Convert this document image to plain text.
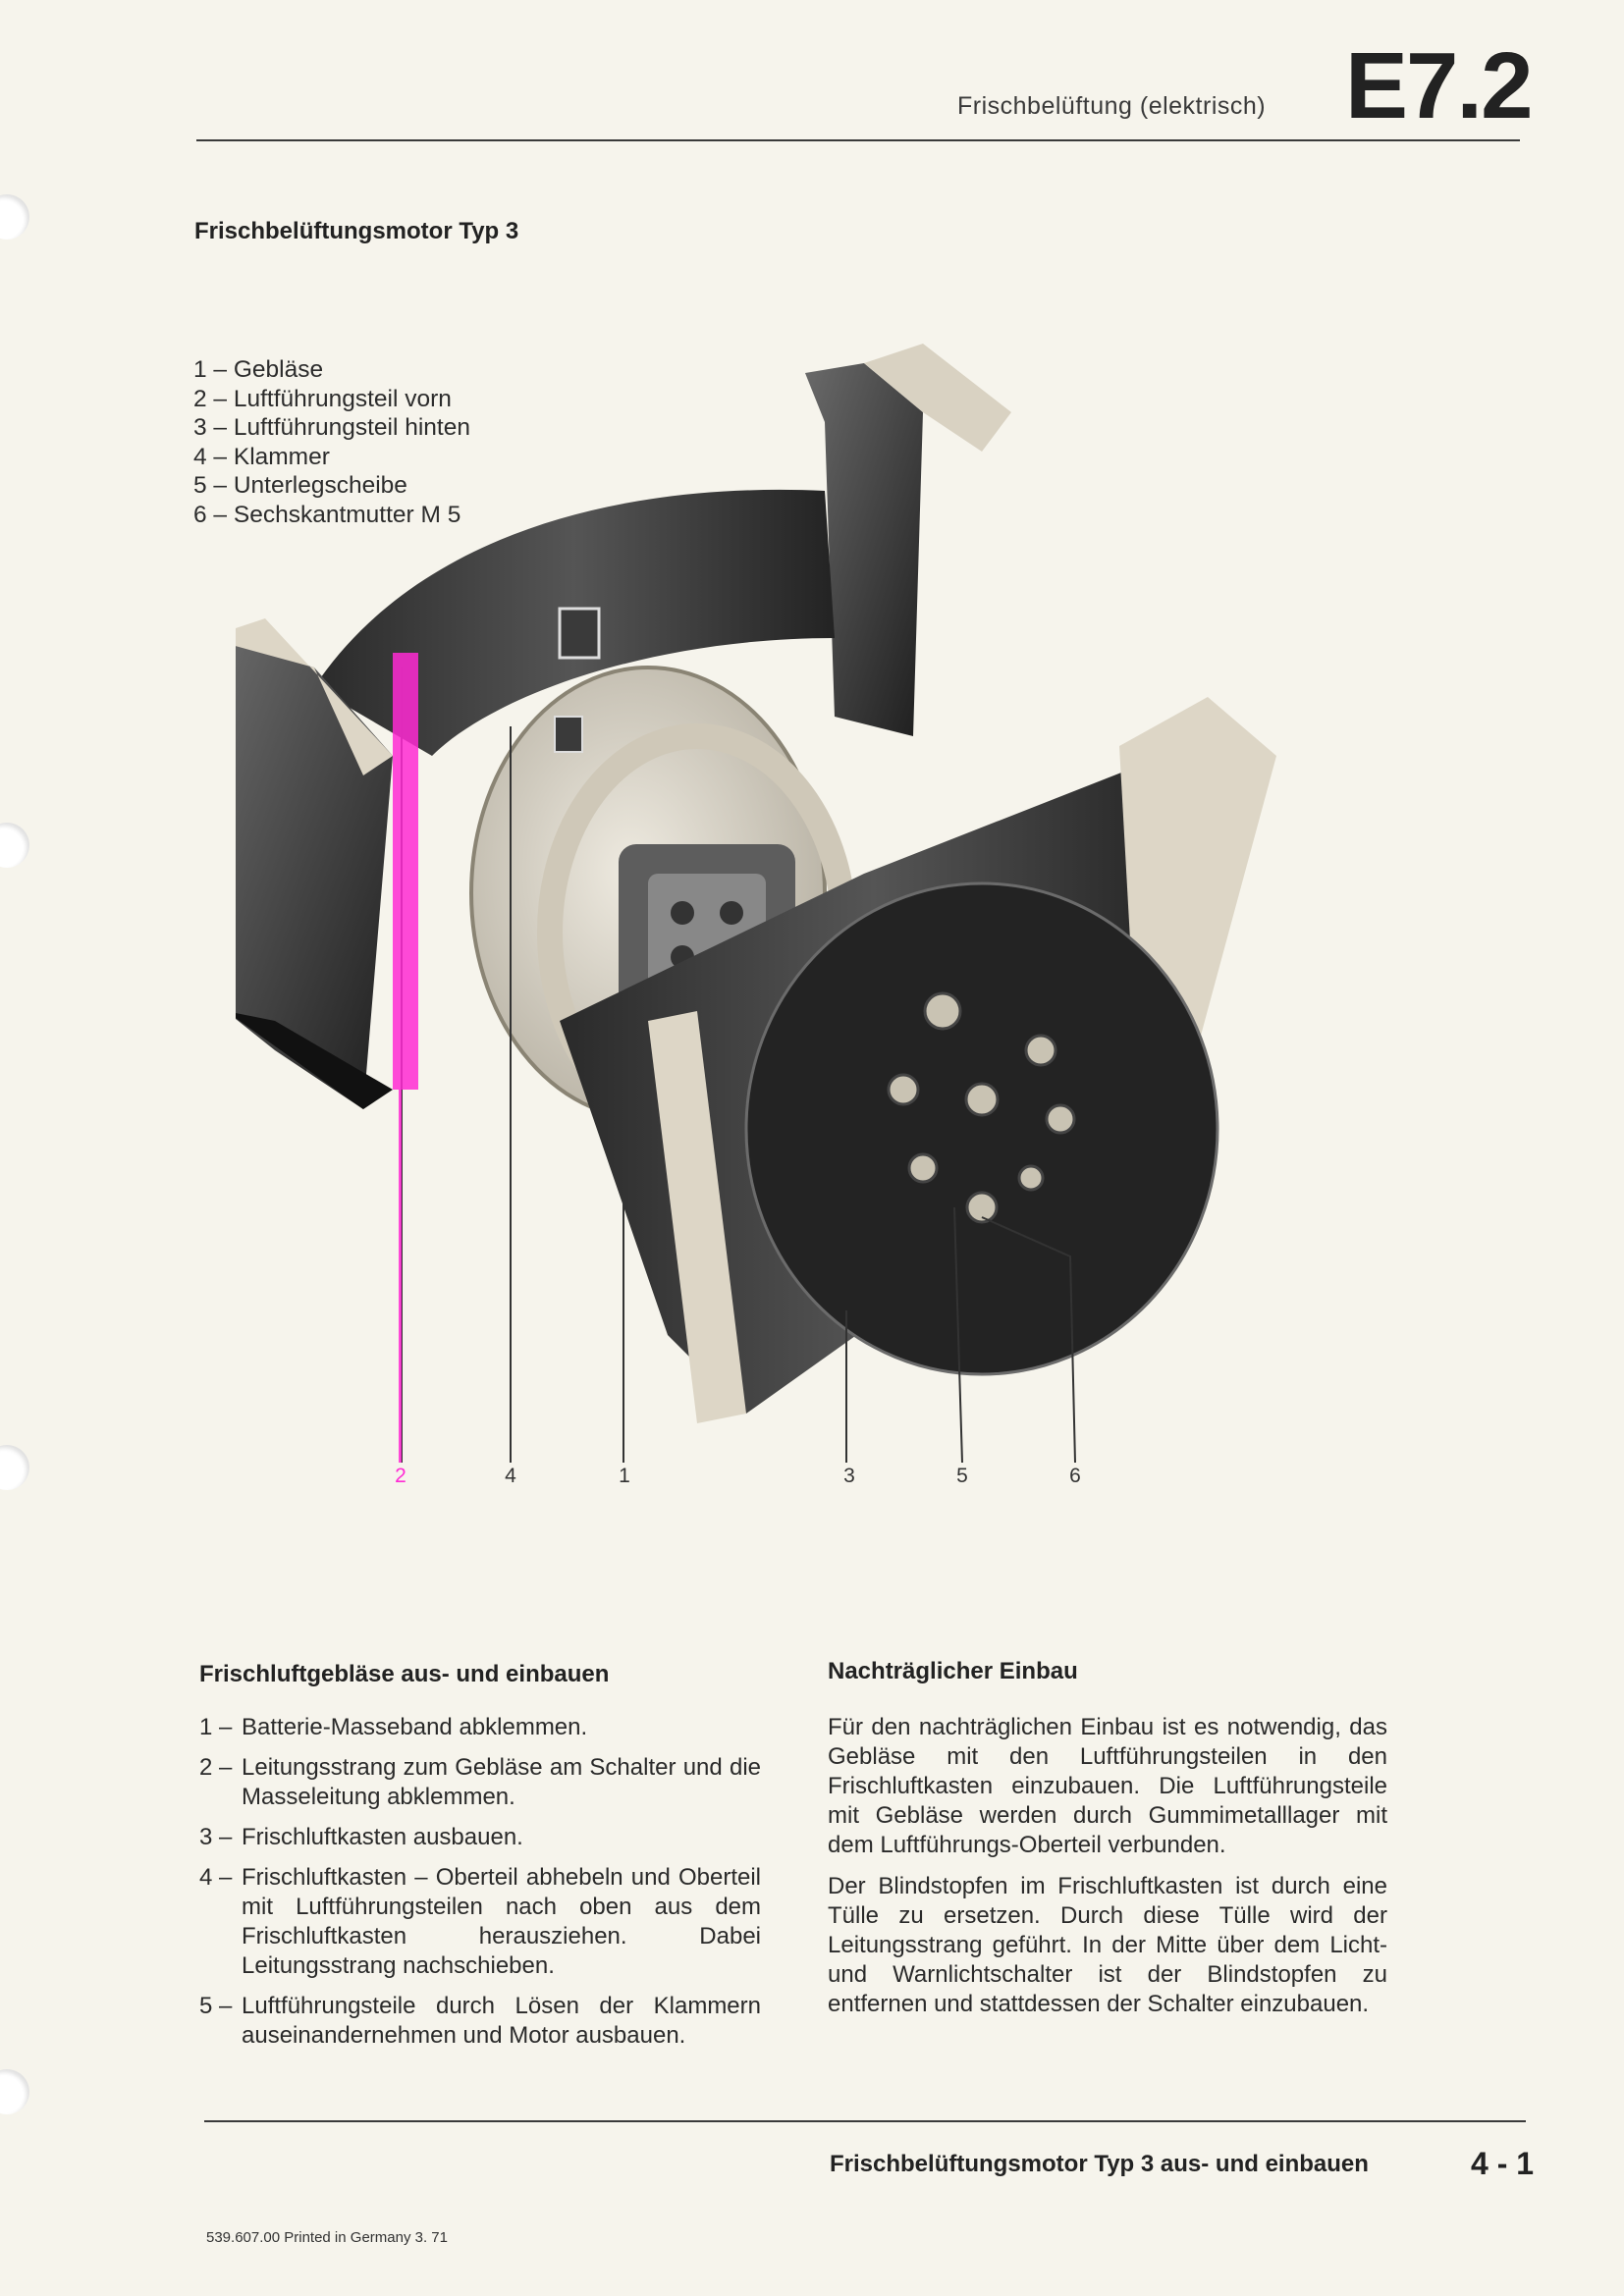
Frischbelüftung (elektrisch) E7.2
Frischbelüftungsmotor Typ 3
1 – Gebläse
2 – Luftführungsteil vorn
3 – Luftführungsteil hinten
4 – Klammer
5 – Unterlegscheibe
6 – Sechskantmutter M 5
2	4	1	3	5	6
Frischluftgebläse aus- und einbauen
1 – Batterie-Masseband abklemmen.
2 – Leitungsstrang zum Gebläse am Schalter und die Masseleitung abklemmen.
3 – Frischluftkasten ausbauen.
4 – Frischluftkasten – Oberteil abhebeln und Oberteil mit Luftführungsteilen nach oben aus dem Frischluftkasten herausziehen. Dabei Leitungsstrang nachschieben.
5 – Luftführungsteile durch Lösen der Klammern auseinandernehmen und Motor ausbauen.
Nachträglicher Einbau

Für den nachträglichen Einbau ist es notwendig, das Gebläse mit den Luftführungsteilen in den Frischluftkasten einzubauen. Die Luftführungsteile mit Gebläse werden durch Gummimetalllager mit dem Luftführungs-Oberteil verbunden.

Der Blindstopfen im Frischluftkasten ist durch eine Tülle zu ersetzen. Durch diese Tülle wird der Leitungsstrang geführt. In der Mitte über dem Licht- und Warnlichtschalter ist der Blindstopfen zu entfernen und stattdessen der Schalter einzubauen.

Frischbelüftungsmotor Typ 3 aus- und einbauen	4 - 1
539.607.00 Printed in Germany 3. 71
